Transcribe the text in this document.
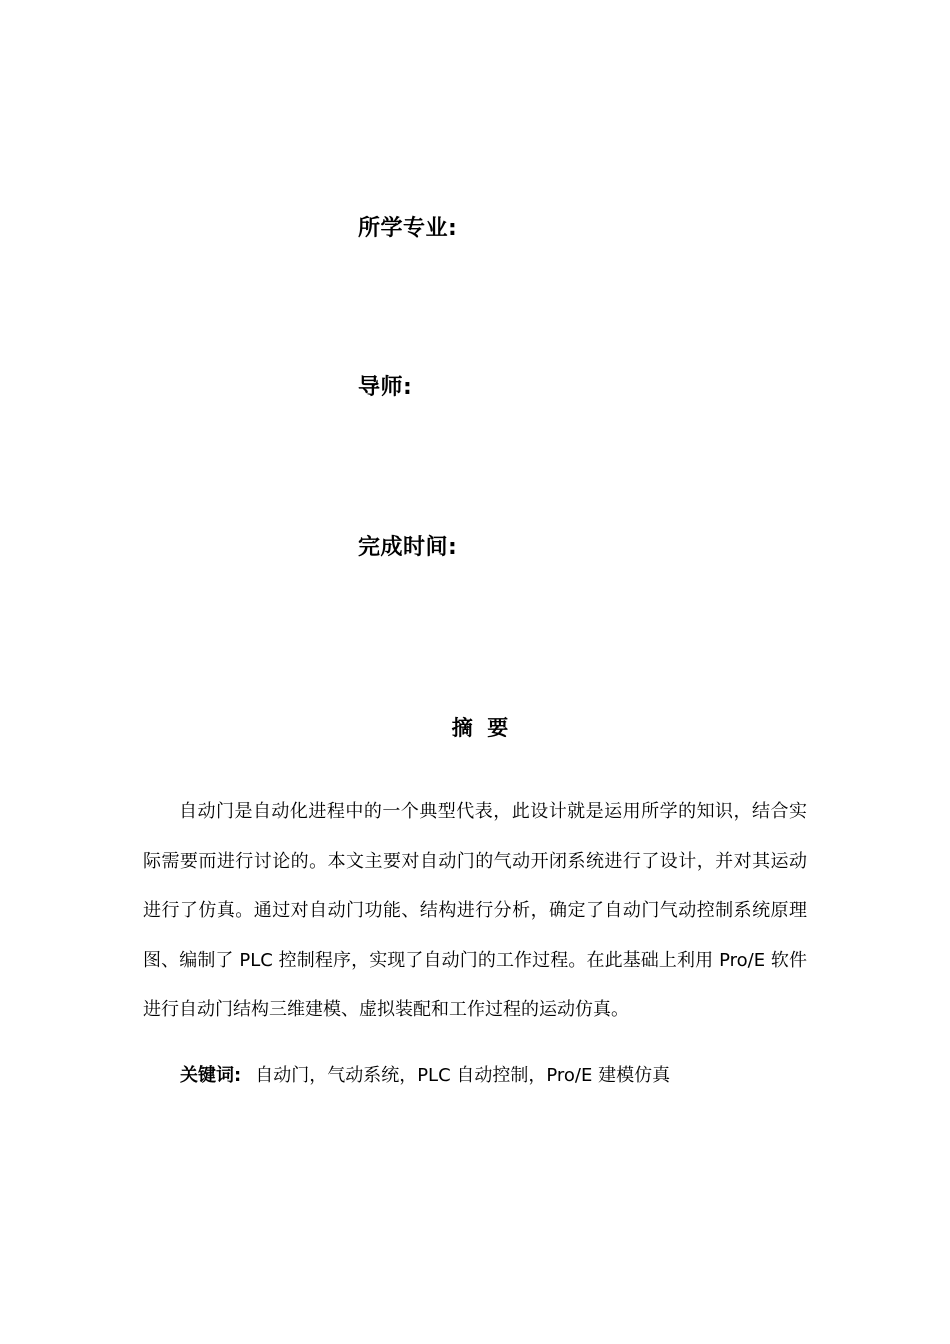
所学专业:
导师:
完成时间:
摘  要

自动门是自动化进程中的一个典型代表，此设计就是运用所学的知识，结合实际需要而进行讨论的。本文主要对自动门的气动开闭系统进行了设计，并对其运动进行了仿真。通过对自动门功能、结构进行分析，确定了自动门气动控制系统原理图、编制了 PLC 控制程序，实现了自动门的工作过程。在此基础上利用 Pro/E 软件进行自动门结构三维建模、虚拟装配和工作过程的运动仿真。

关键词: 自动门，气动系统，PLC 自动控制，Pro/E 建模仿真
